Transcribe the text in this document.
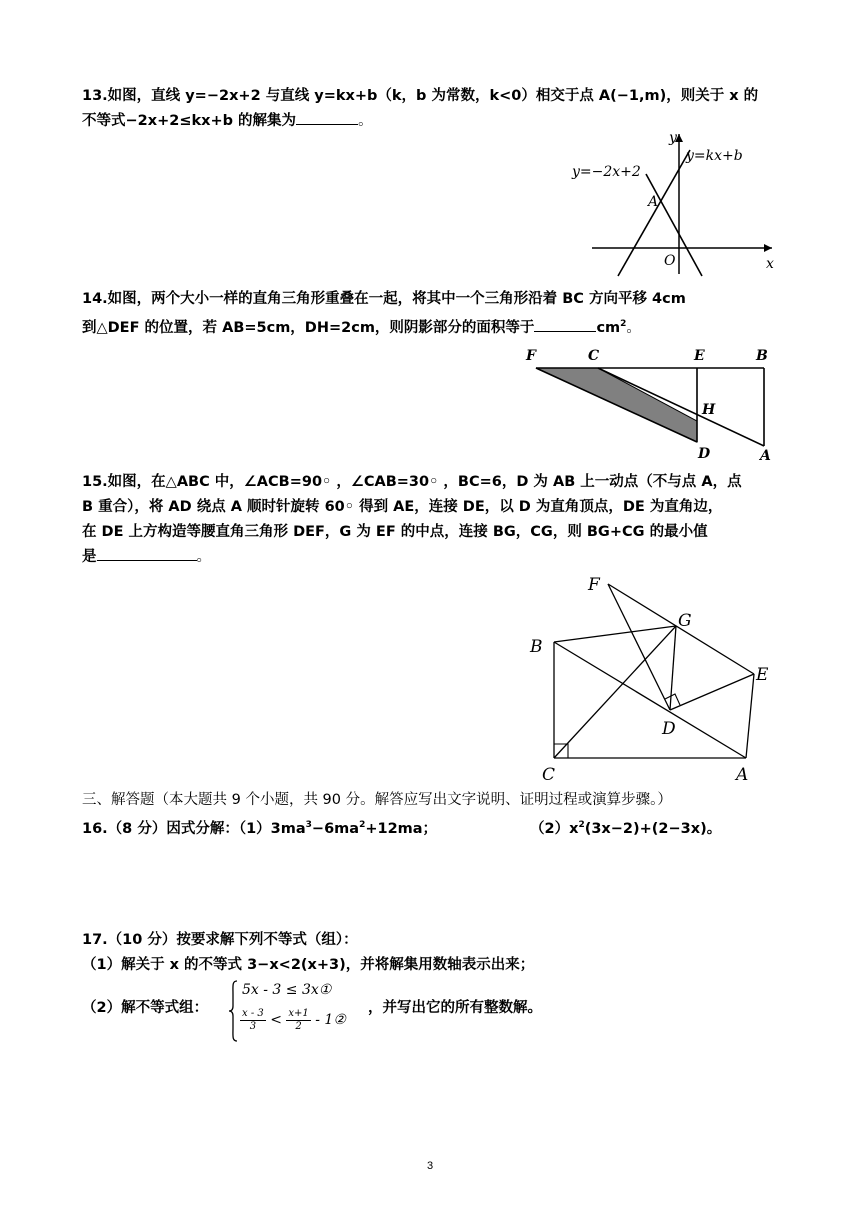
13.如图，直线 y=−2x+2 与直线 y=kx+b（k，b 为常数，k<0）相交于点 A(−1,m)，则关于 x 的
不等式−2x+2≤kx+b 的解集为	。
y
y=kx+b
y=−2x+2
A
O	x
14.如图，两个大小一样的直角三角形重叠在一起，将其中一个三角形沿着 BC 方向平移 4cm
到△DEF 的位置，若 AB=5cm，DH=2cm，则阴影部分的面积等于	$cm^2$。
F	C	E	B
H
D	A
15.如图，在△ABC 中，∠ACB=90◦ ，∠CAB=30◦ ，BC=6，D 为 AB 上一动点（不与点 A，点
B 重合），将 AD 绕点 A 顺时针旋转 60◦ 得到 AE，连接 DE，以 D 为直角顶点，DE 为直角边，
在 DE 上方构造等腰直角三角形 DEF，G 为 EF 的中点，连接 BG，CG，则 BG+CG 的最小值
是	。
F
G
B
E
D
C	A
三、解答题（本大题共 9 个小题，共 90 分。解答应写出文字说明、证明过程或演算步骤。）
16.（8 分）因式分解：$(1)3ma^3-6ma^2+12ma$；	$(2)x^2(3x-2)+(2-3x)$。
17.（10 分）按要求解下列不等式（组）：
（1）解关于 x 的不等式 3−x<2(x+3)，并将解集用数轴表示出来；
（2）解不等式组：
5x ‑ 3 ≤ 3x①
$\frac{x ‑ 3}{3} < \frac{x+1}{2}$ ‑ 1②
，并写出它的所有整数解。
3
